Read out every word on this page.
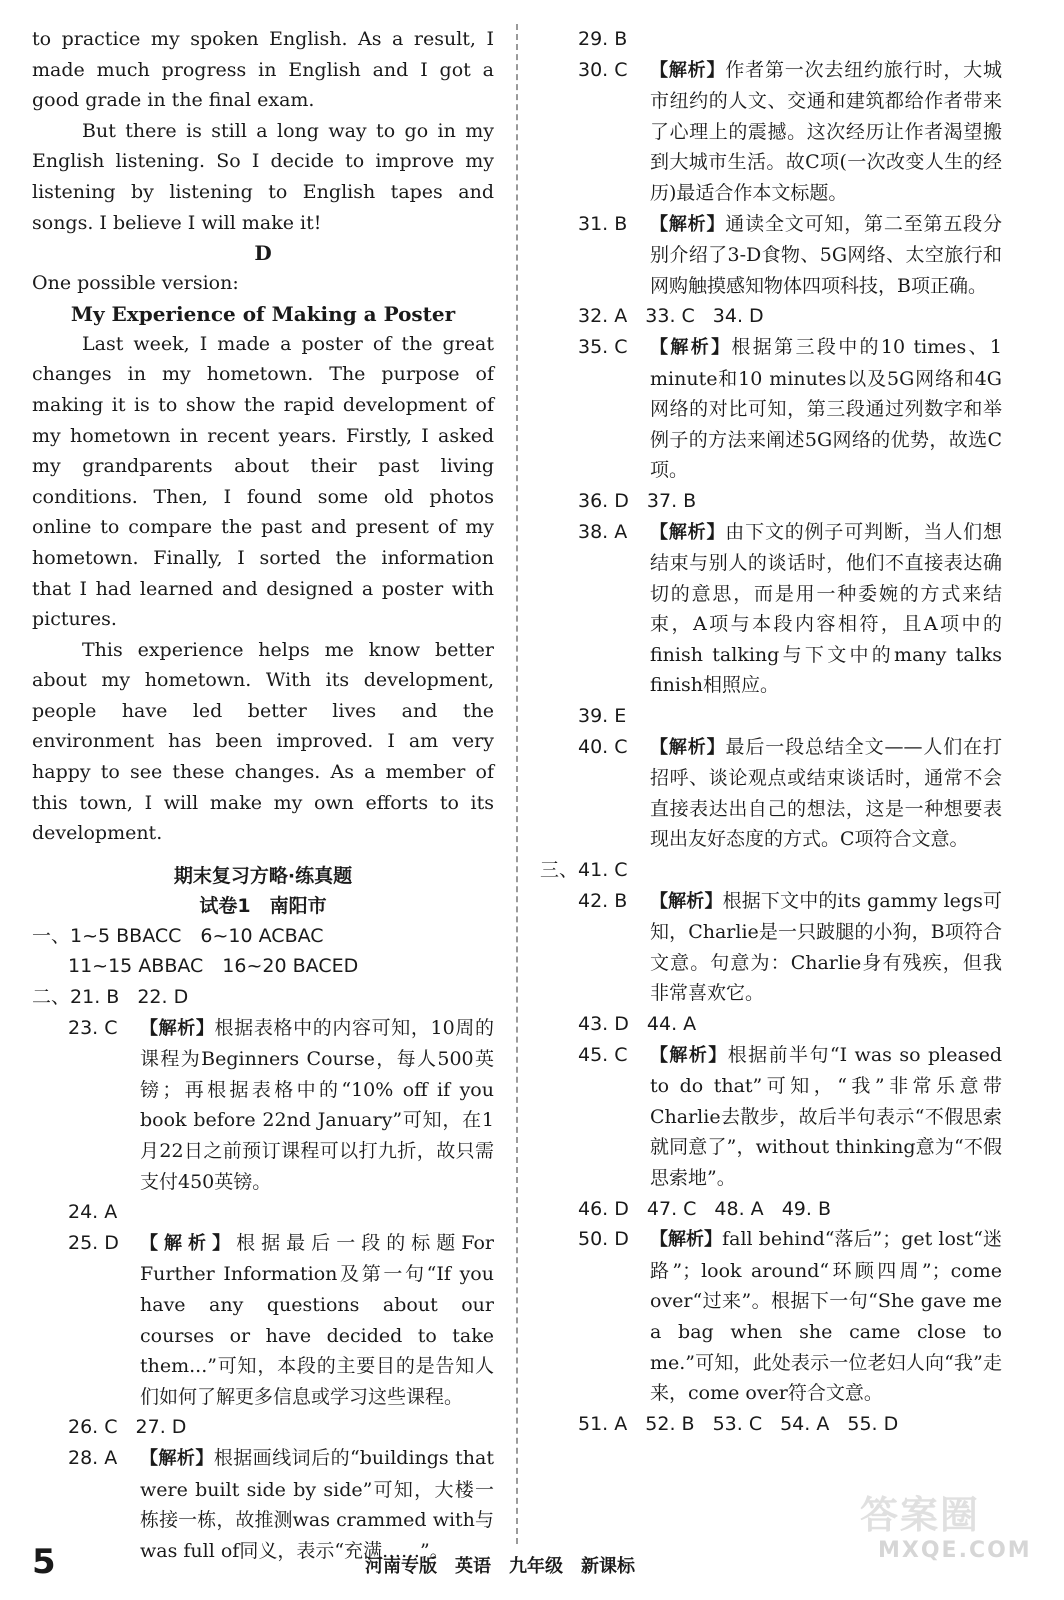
to practice my spoken English. As a result, I made much progress in English and I got a good grade in the final exam.

But there is still a long way to go in my English listening. So I decide to improve my listening by listening to English tapes and songs. I believe I will make it!

D

One possible version:

My Experience of Making a Poster

Last week, I made a poster of the great changes in my hometown. The purpose of making it is to show the rapid development of my hometown in recent years. Firstly, I asked my grandparents about their past living conditions. Then, I found some old photos online to compare the past and present of my hometown. Finally, I sorted the information that I had learned and designed a poster with pictures.

This experience helps me know better about my hometown. With its development, people have led better lives and the environment has been improved. I am very happy to see these changes. As a member of this town, I will make my own efforts to its development.

期末复习方略·练真题

试卷1　南阳市

一、1~5 BBACC　6~10 ACBAC

11~15 ABBAC　16~20 BACED

二、21. B 22. D

23. C	【解析】根据表格中的内容可知，10周的课程为Beginners Course，每人500英镑；再根据表格中的“10% off if you book before 22nd January”可知，在1月22日之前预订课程可以打九折，故只需支付450英镑。

24. A

25. D	【解析】根据最后一段的标题For Further Information及第一句“If you have any questions about our courses or have decided to take them...”可知，本段的主要目的是告知人们如何了解更多信息或学习这些课程。

26. C 27. D

28. A	【解析】根据画线词后的“buildings that were built side by side”可知，大楼一栋接一栋，故推测was crammed with与was full of同义，表示“充满……”。

29. B

30. C	【解析】作者第一次去纽约旅行时，大城市纽约的人文、交通和建筑都给作者带来了心理上的震撼。这次经历让作者渴望搬到大城市生活。故C项(一次改变人生的经历)最适合作本文标题。
31. B	【解析】通读全文可知，第二至第五段分别介绍了3-D食物、5G网络、太空旅行和网购触摸感知物体四项科技，B项正确。

32. A 33. C 34. D

35. C	【解析】根据第三段中的10 times、1 minute和10 minutes以及5G网络和4G网络的对比可知，第三段通过列数字和举例子的方法来阐述5G网络的优势，故选C项。

36. D 37. B

38. A	【解析】由下文的例子可判断，当人们想结束与别人的谈话时，他们不直接表达确切的意思，而是用一种委婉的方式来结束，A项与本段内容相符，且A项中的finish talking与下文中的many talks finish相照应。

39. E

40. C	【解析】最后一段总结全文——人们在打招呼、谈论观点或结束谈话时，通常不会直接表达出自己的想法，这是一种想要表现出友好态度的方式。C项符合文意。

三、41. C

42. B	【解析】根据下文中的its gammy legs可知，Charlie是一只跛腿的小狗，B项符合文意。句意为：Charlie身有残疾，但我非常喜欢它。

43. D 44. A

45. C	【解析】根据前半句“I was so pleased to do that”可知，“我”非常乐意带Charlie去散步，故后半句表示“不假思索就同意了”，without thinking意为“不假思索地”。

46. D 47. C 48. A 49. B

50. D	【解析】fall behind“落后”；get lost“迷路”；look around“环顾四周”；come over“过来”。根据下一句“She gave me a bag when she came close to me.”可知，此处表示一位老妇人向“我”走来，come over符合文意。

51. A 52. B 53. C 54. A 55. D

答案圈
MXQE.COM
5	河南专版　英语　九年级　新课标
